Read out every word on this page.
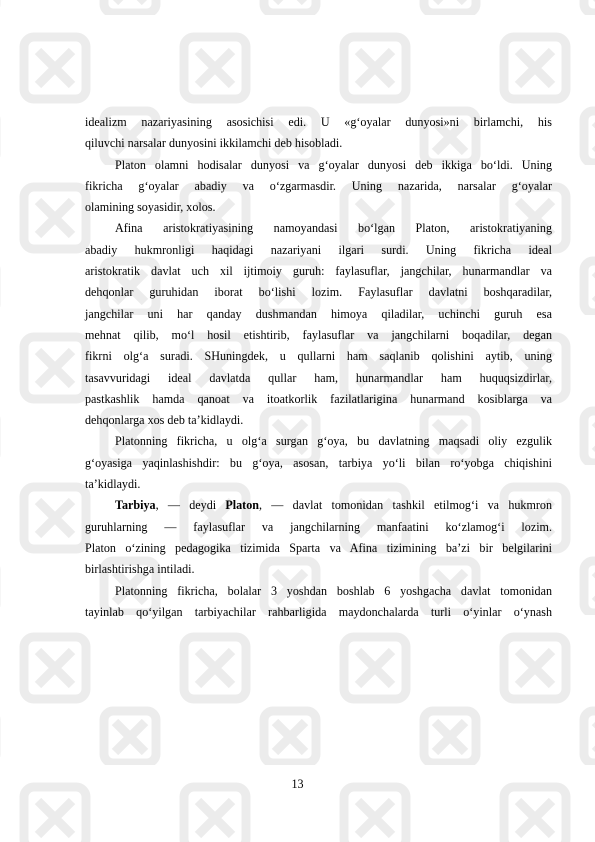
idealizm nazariyasining asosichisi edi. U «g‘oyalar dunyosi»ni birlamchi, his
qiluvchi narsalar dunyosini ikkilamchi deb hisobladi.
Platon olamni hodisalar dunyosi va g‘oyalar dunyosi deb ikkiga bo‘ldi. Uning
fikricha g‘oyalar abadiy va o‘zgarmasdir. Uning nazarida, narsalar g‘oyalar
olamining soyasidir, xolos.
Afina aristokratiyasining namoyandasi bo‘lgan Platon, aristokratiyaning
abadiy hukmronligi haqidagi nazariyani ilgari surdi. Uning fikricha ideal
aristokratik davlat uch xil ijtimoiy guruh: faylasuflar, jangchilar, hunarmandlar va
dehqonlar guruhidan iborat bo‘lishi lozim. Faylasuflar davlatni boshqaradilar,
jangchilar uni har qanday dushmandan himoya qiladilar, uchinchi guruh esa
mehnat qilib, mo‘l hosil etishtirib, faylasuflar va jangchilarni boqadilar, degan
fikrni olg‘a suradi. SHuningdek, u qullarni ham saqlanib qolishini aytib, uning
tasavvuridagi ideal davlatda qullar ham, hunarmandlar ham huquqsizdirlar,
pastkashlik hamda qanoat va itoatkorlik fazilatlarigina hunarmand kosiblarga va
dehqonlarga xos deb ta’kidlaydi.
Platonning fikricha, u olg‘a surgan g‘oya, bu davlatning maqsadi oliy ezgulik
g‘oyasiga yaqinlashishdir: bu g‘oya, asosan, tarbiya yo‘li bilan ro‘yobga chiqishini
ta’kidlaydi.
Tarbiya, — deydi Platon, — davlat tomonidan tashkil etilmog‘i va hukmron
guruhlarning — faylasuflar va jangchilarning manfaatini ko‘zlamog‘i lozim.
Platon o‘zining pedagogika tizimida Sparta va Afina tizimining ba’zi bir belgilarini
birlashtirishga intiladi.
Platonning fikricha, bolalar 3 yoshdan boshlab 6 yoshgacha davlat tomonidan
tayinlab qo‘yilgan tarbiyachilar rahbarligida maydonchalarda turli o‘yinlar o‘ynash
13
